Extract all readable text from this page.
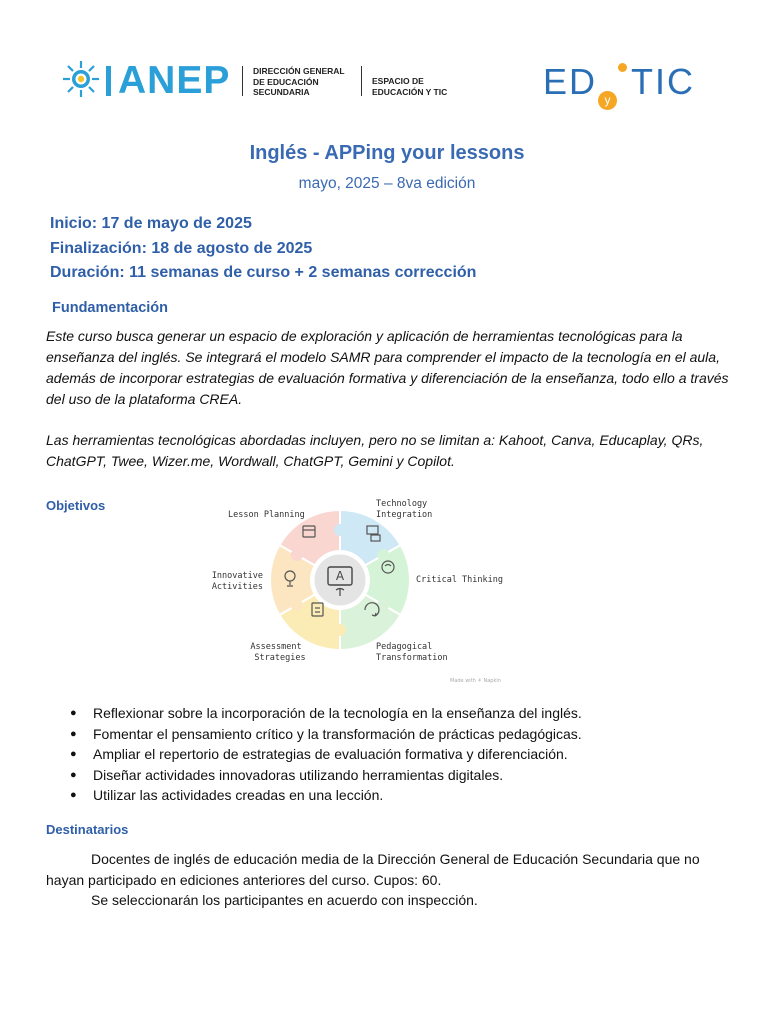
ANEP	DIRECCIÓN GENERAL
DE EDUCACIÓN
SECUNDARIA
ESPACIO DE
EDUCACIÓN Y TIC	ED y TIC
Inglés - APPing your lessons
mayo, 2025 – 8va edición
Inicio: 17 de mayo de 2025
Finalización: 18 de agosto de 2025
Duración: 11 semanas de curso + 2 semanas corrección
Fundamentación
Este curso busca generar un espacio de exploración y aplicación de herramientas tecnológicas para la enseñanza del inglés. Se integrará el modelo SAMR para comprender el impacto de la tecnología en el aula, además de incorporar estrategias de evaluación formativa y diferenciación de la enseñanza, todo ello a través del uso de la plataforma CREA.
Las herramientas tecnológicas abordadas incluyen, pero no se limitan a: Kahoot, Canva, Educaplay, QRs, ChatGPT, Twee, Wizer.me, Wordwall, ChatGPT, Gemini y Copilot.
Objetivos
A
Lesson Planning
Technology
Integration
Critical Thinking
Innovative
Activities
Assessment
Strategies
Pedagogical
Transformation
Made with ⚘ Napkin
● Reflexionar sobre la incorporación de la tecnología en la enseñanza del inglés.
● Fomentar el pensamiento crítico y la transformación de prácticas pedagógicas.
● Ampliar el repertorio de estrategias de evaluación formativa y diferenciación.
● Diseñar actividades innovadoras utilizando herramientas digitales.
● Utilizar las actividades creadas en una lección.
Destinatarios

Docentes de inglés de educación media de la Dirección General de Educación Secundaria que no hayan participado en ediciones anteriores del curso. Cupos: 60.

Se seleccionarán los participantes en acuerdo con inspección.
